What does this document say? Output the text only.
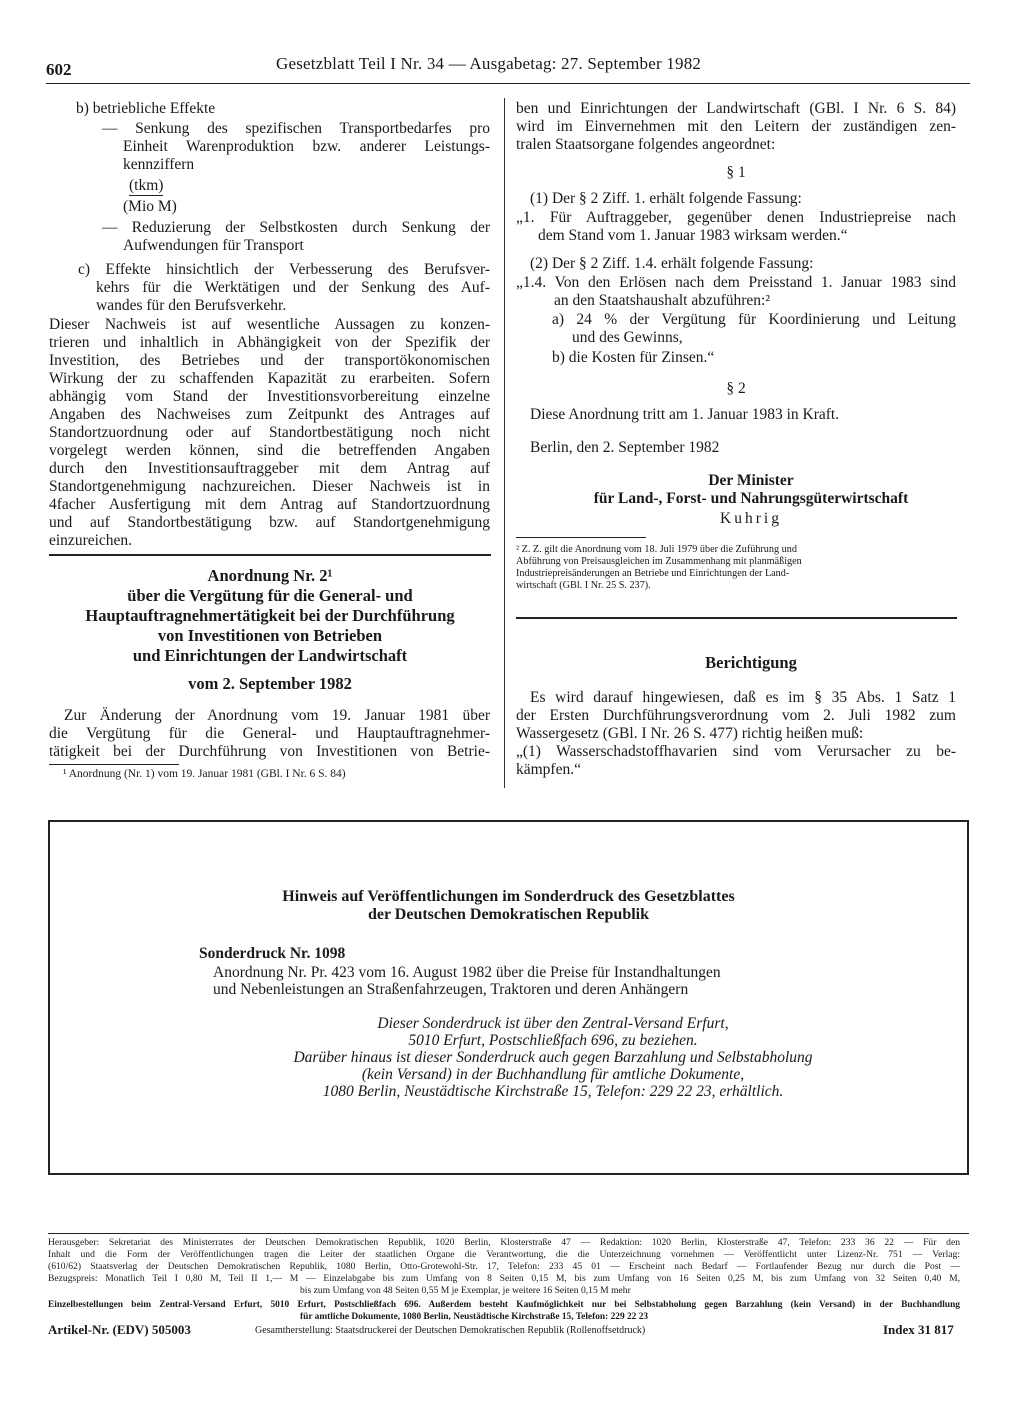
602	Gesetzblatt Teil I Nr. 34 — Ausgabetag: 27. September 1982
b) betriebliche Effekte
— Senkung des spezifischen Transportbedarfes pro
Einheit Warenproduktion bzw. anderer Leistungs-
kennziffern
(tkm)
(Mio M)
— Reduzierung der Selbstkosten durch Senkung der
Aufwendungen für Transport
c) Effekte hinsichtlich der Verbesserung des Berufsver-
kehrs für die Werktätigen und der Senkung des Auf-
wandes für den Berufsverkehr.
Dieser Nachweis ist auf wesentliche Aussagen zu konzen-
trieren und inhaltlich in Abhängigkeit von der Spezifik der
Investition, des Betriebes und der transportökonomischen
Wirkung der zu schaffenden Kapazität zu erarbeiten. Sofern
abhängig vom Stand der Investitionsvorbereitung einzelne
Angaben des Nachweises zum Zeitpunkt des Antrages auf
Standortzuordnung oder auf Standortbestätigung noch nicht
vorgelegt werden können, sind die betreffenden Angaben
durch den Investitionsauftraggeber mit dem Antrag auf
Standortgenehmigung nachzureichen. Dieser Nachweis ist in
4facher Ausfertigung mit dem Antrag auf Standortzuordnung
und auf Standortbestätigung bzw. auf Standortgenehmigung
einzureichen.
Anordnung Nr. 2¹
über die Vergütung für die General- und
Hauptauftragnehmertätigkeit bei der Durchführung
von Investitionen von Betrieben
und Einrichtungen der Landwirtschaft
vom 2. September 1982
Zur Änderung der Anordnung vom 19. Januar 1981 über
die Vergütung für die General- und Hauptauftragnehmer-
tätigkeit bei der Durchführung von Investitionen von Betrie-
¹ Anordnung (Nr. 1) vom 19. Januar 1981 (GBl. I Nr. 6 S. 84)
ben und Einrichtungen der Landwirtschaft (GBl. I Nr. 6 S. 84)
wird im Einvernehmen mit den Leitern der zuständigen zen-
tralen Staatsorgane folgendes angeordnet:
§ 1
(1) Der § 2 Ziff. 1. erhält folgende Fassung:
„1. Für Auftraggeber, gegenüber denen Industriepreise nach
dem Stand vom 1. Januar 1983 wirksam werden.“
(2) Der § 2 Ziff. 1.4. erhält folgende Fassung:
„1.4. Von den Erlösen nach dem Preisstand 1. Januar 1983 sind
an den Staatshaushalt abzuführen:²
a) 24 % der Vergütung für Koordinierung und Leitung
und des Gewinns,
b) die Kosten für Zinsen.“
§ 2
Diese Anordnung tritt am 1. Januar 1983 in Kraft.
Berlin, den 2. September 1982
Der Minister
für Land-, Forst- und Nahrungsgüterwirtschaft
Kuhrig
² Z. Z. gilt die Anordnung vom 18. Juli 1979 über die Zuführung und
Abführung von Preisausgleichen im Zusammenhang mit planmäßigen
Industriepreisänderungen an Betriebe und Einrichtungen der Land-
wirtschaft (GBl. I Nr. 25 S. 237).
Berichtigung
Es wird darauf hingewiesen, daß es im § 35 Abs. 1 Satz 1
der Ersten Durchführungsverordnung vom 2. Juli 1982 zum
Wassergesetz (GBl. I Nr. 26 S. 477) richtig heißen muß:
„(1) Wasserschadstoffhavarien sind vom Verursacher zu be-
kämpfen.“
Hinweis auf Veröffentlichungen im Sonderdruck des Gesetzblattes
der Deutschen Demokratischen Republik
Sonderdruck Nr. 1098
Anordnung Nr. Pr. 423 vom 16. August 1982 über die Preise für Instandhaltungen
und Nebenleistungen an Straßenfahrzeugen, Traktoren und deren Anhängern
Dieser Sonderdruck ist über den Zentral-Versand Erfurt,
5010 Erfurt, Postschließfach 696, zu beziehen.
Darüber hinaus ist dieser Sonderdruck auch gegen Barzahlung und Selbstabholung
(kein Versand) in der Buchhandlung für amtliche Dokumente,
1080 Berlin, Neustädtische Kirchstraße 15, Telefon: 229 22 23, erhältlich.
Herausgeber: Sekretariat des Ministerrates der Deutschen Demokratischen Republik, 1020 Berlin, Klosterstraße 47 — Redaktion: 1020 Berlin, Klosterstraße 47, Telefon: 233 36 22 — Für den
Inhalt und die Form der Veröffentlichungen tragen die Leiter der staatlichen Organe die Verantwortung, die die Unterzeichnung vornehmen — Veröffentlicht unter Lizenz-Nr. 751 — Verlag:
(610/62) Staatsverlag der Deutschen Demokratischen Republik, 1080 Berlin, Otto-Grotewohl-Str. 17, Telefon: 233 45 01 — Erscheint nach Bedarf — Fortlaufender Bezug nur durch die Post —
Bezugspreis: Monatlich Teil I 0,80 M, Teil II 1,— M — Einzelabgabe bis zum Umfang von 8 Seiten 0,15 M, bis zum Umfang von 16 Seiten 0,25 M, bis zum Umfang von 32 Seiten 0,40 M,
bis zum Umfang von 48 Seiten 0,55 M je Exemplar, je weitere 16 Seiten 0,15 M mehr
Einzelbestellungen beim Zentral-Versand Erfurt, 5010 Erfurt, Postschließfach 696. Außerdem besteht Kaufmöglichkeit nur bei Selbstabholung gegen Barzahlung (kein Versand) in der Buchhandlung
für amtliche Dokumente, 1080 Berlin, Neustädtische Kirchstraße 15, Telefon: 229 22 23
Artikel-Nr. (EDV) 505003	Gesamtherstellung: Staatsdruckerei der Deutschen Demokratischen Republik (Rollenoffsetdruck)	Index 31 817
